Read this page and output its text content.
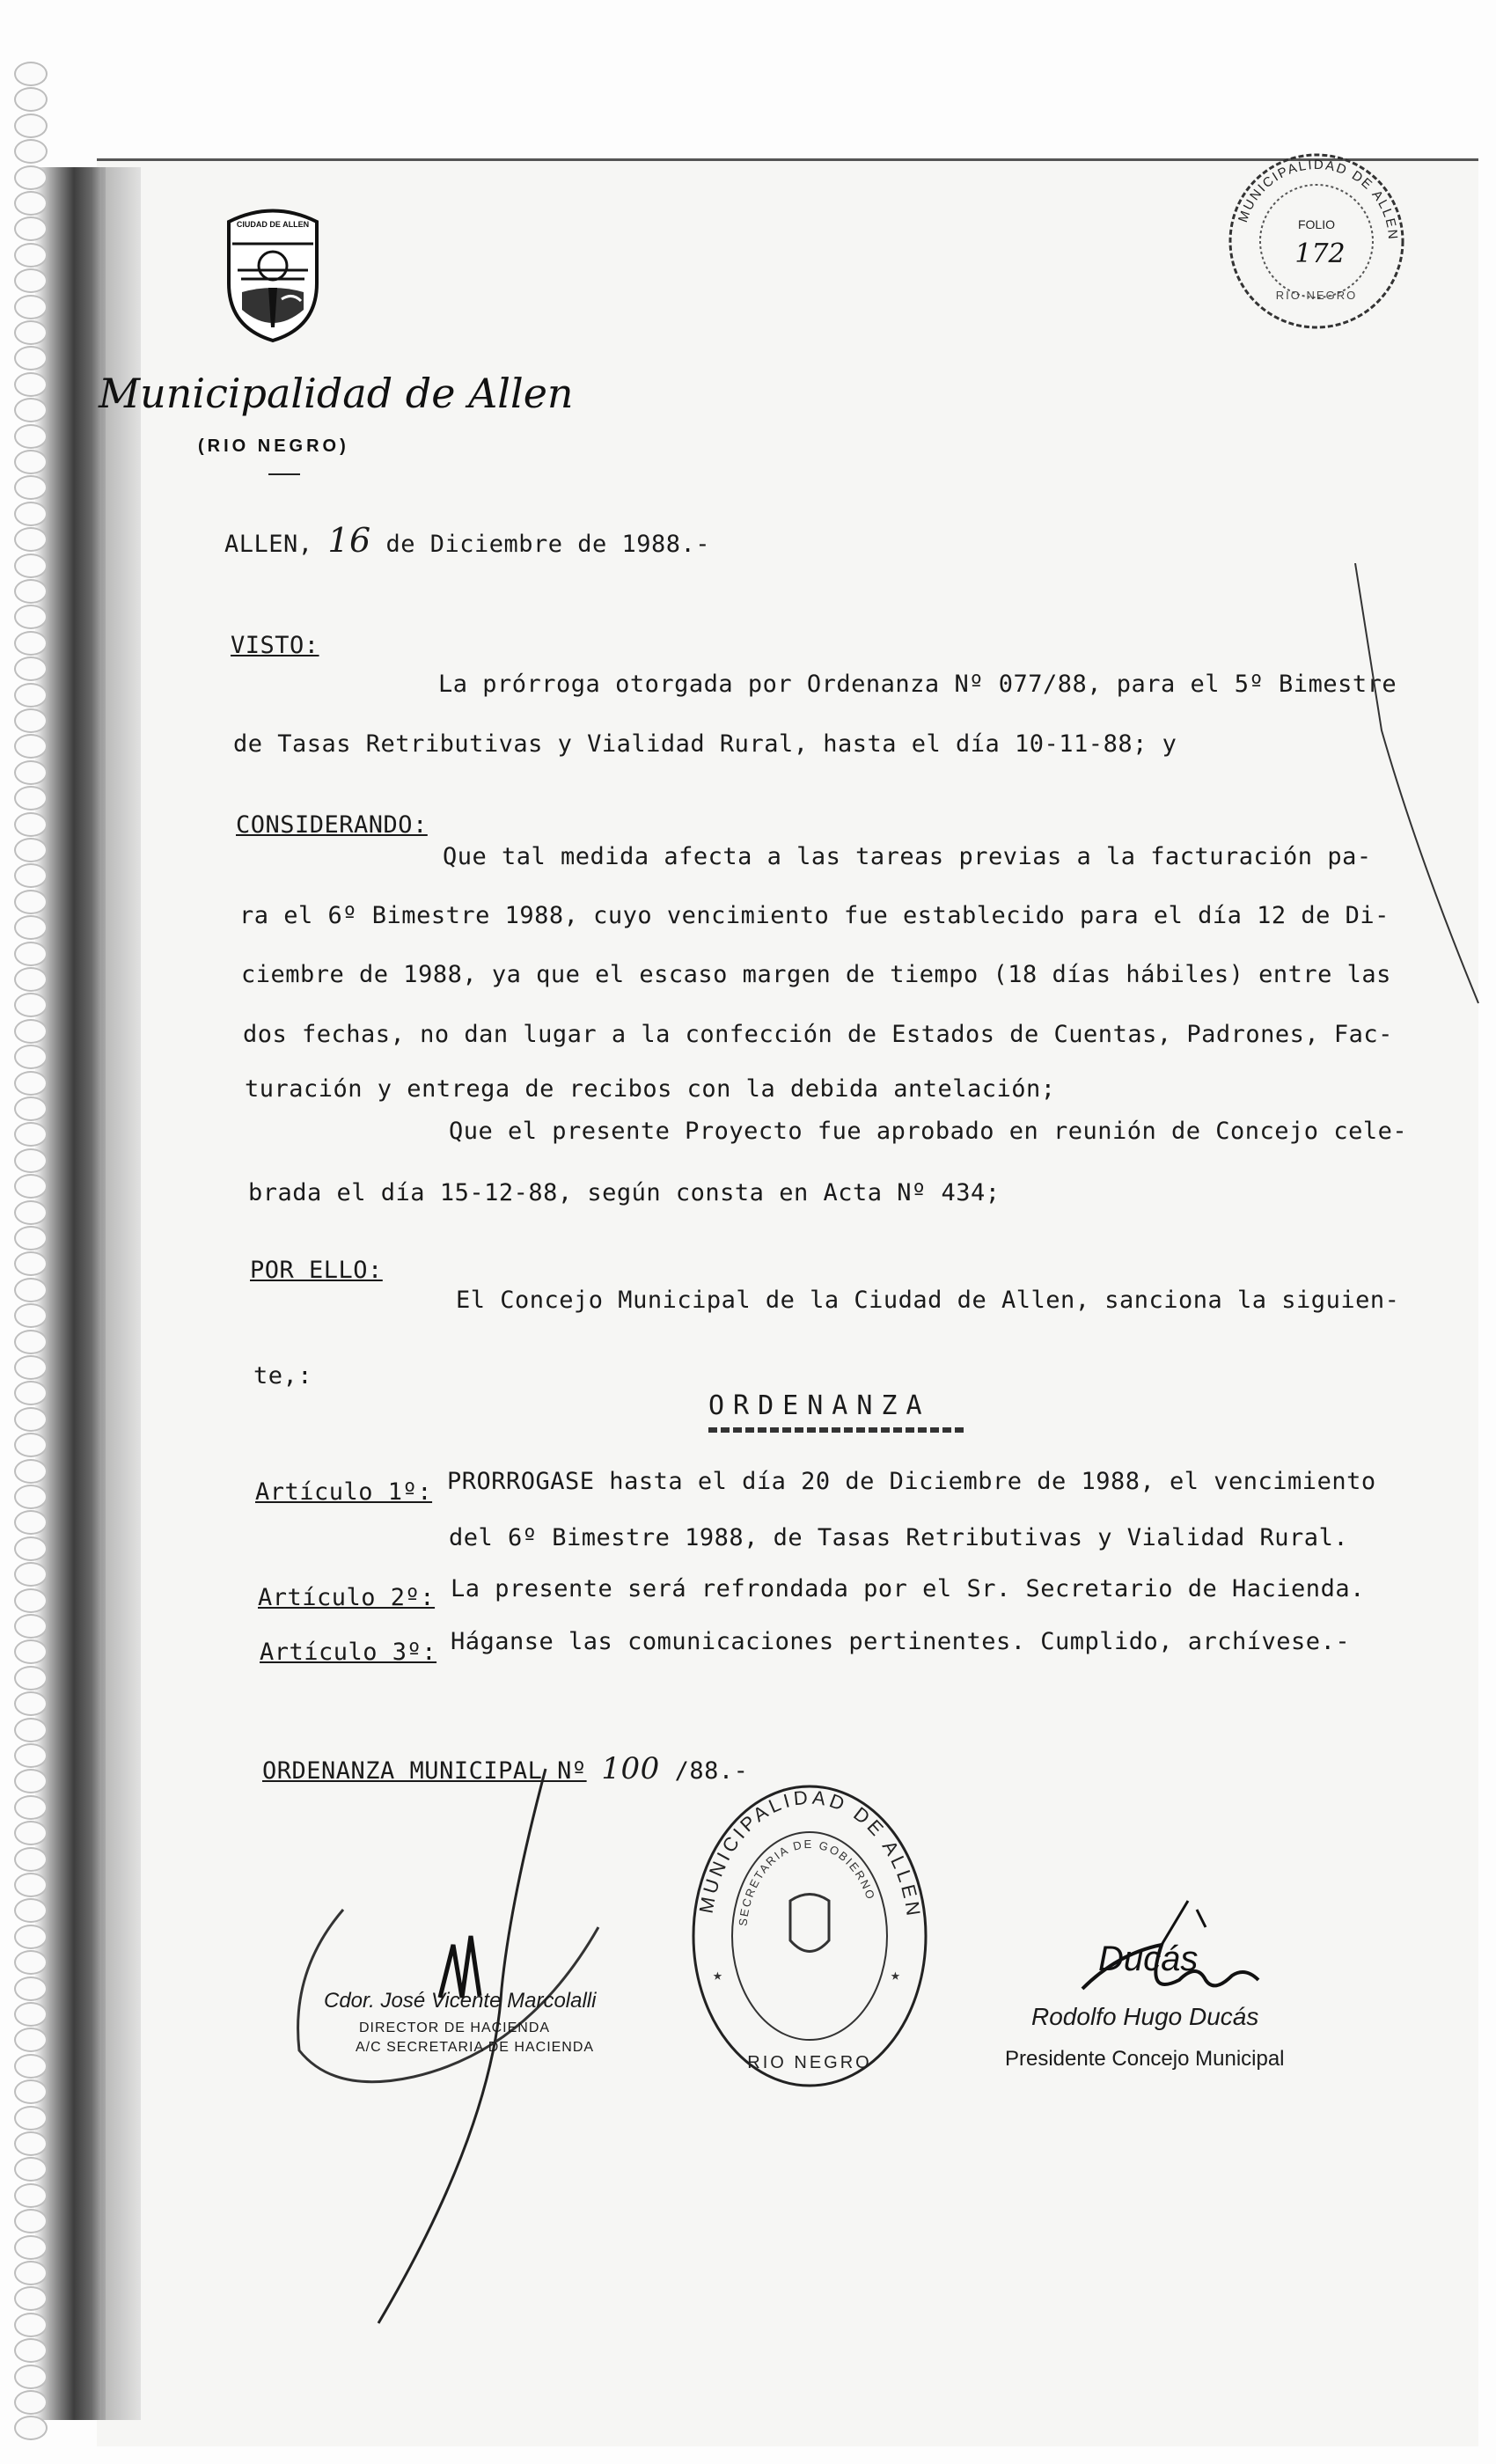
CIUDAD DE ALLEN
Municipalidad de Allen
(RIO NEGRO)
MUNICIPALIDAD DE ALLEN
FOLIO
172
RIO NEGRO
ALLEN, 16 de Diciembre de 1988.-
VISTO:
La prórroga otorgada por Ordenanza Nº 077/88, para el 5º Bimestre
de Tasas Retributivas y Vialidad Rural, hasta el día 10-11-88; y
CONSIDERANDO:
Que tal medida afecta a las tareas previas a la facturación pa-
ra el 6º Bimestre 1988, cuyo vencimiento fue establecido para el día 12 de Di-
ciembre de 1988, ya que el escaso margen de tiempo (18 días hábiles) entre las
dos fechas, no dan lugar a la confección de Estados de Cuentas, Padrones, Fac-
turación y entrega de recibos con la debida antelación;
Que el presente Proyecto fue aprobado en reunión de Concejo cele-
brada el día 15-12-88, según consta en Acta Nº 434;
POR ELLO:
El Concejo Municipal de la Ciudad de Allen, sanciona la siguien-
te,:
ORDENANZA
Artículo 1º: PRORROGASE hasta el día 20 de Diciembre de 1988, el vencimiento
del 6º Bimestre 1988, de Tasas Retributivas y Vialidad Rural.
Artículo 2º: La presente será refrondada por el Sr. Secretario de Hacienda.
Artículo 3º: Háganse las comunicaciones pertinentes. Cumplido, archívese.-
ORDENANZA MUNICIPAL Nº 100 /88.-
Cdor. José Vicente Marcolalli
DIRECTOR DE HACIENDA
A/C SECRETARIA DE HACIENDA
MUNICIPALIDAD DE ALLEN
SECRETARIA DE GOBIERNO
RIO NEGRO
★	★	Ducás
Rodolfo Hugo Ducás
Presidente Concejo Municipal
